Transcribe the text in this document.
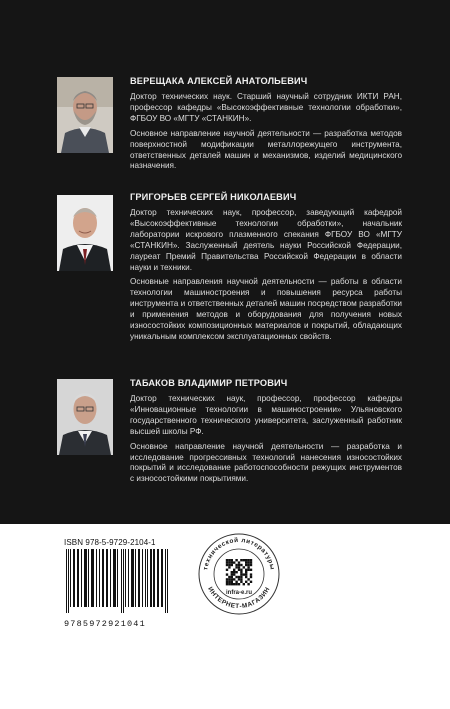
ВЕРЕЩАКА АЛЕКСЕЙ АНАТОЛЬЕВИЧ

Доктор технических наук. Старший научный сотрудник ИКТИ РАН, профессор кафедры «Высокоэффективные технологии обработки», ФГБОУ ВО «МГТУ «СТАНКИН».

Основное направление научной деятельности — разработка методов поверхностной модификации металлорежущего инструмента, ответственных деталей машин и механизмов, изделий медицинского назначения.

ГРИГОРЬЕВ СЕРГЕЙ НИКОЛАЕВИЧ

Доктор технических наук, профессор, заведующий кафедрой «Высокоэффективные технологии обработки», начальник лаборатории искрового плазменного спекания ФГБОУ ВО «МГТУ «СТАНКИН». Заслуженный деятель науки Российской Федерации, лауреат Премий Правительства Российской Федерации в области науки и техники.

Основные направления научной деятельности — работы в области технологии машиностроения и повышения ресурса работы инструмента и ответственных деталей машин посредством разработки и применения методов и оборудования для получения новых износостойких композиционных материалов и покрытий, обладающих уникальным комплексом эксплуатационных свойств.

ТАБАКОВ ВЛАДИМИР ПЕТРОВИЧ

Доктор технических наук, профессор, профессор кафедры «Инновационные технологии в машиностроении» Ульяновского государственного технического университета, заслуженный работник высшей школы РФ.

Основное направление научной деятельности — разработка и исследование прогрессивных технологий нанесения износостойких покрытий и исследование работоспособности режущих инструментов с износостойкими покрытиями.

ISBN 978-5-9729-2104-1
9785972921041
технической литературы
ИНТЕРНЕТ-МАГАЗИН
infra-e.ru
